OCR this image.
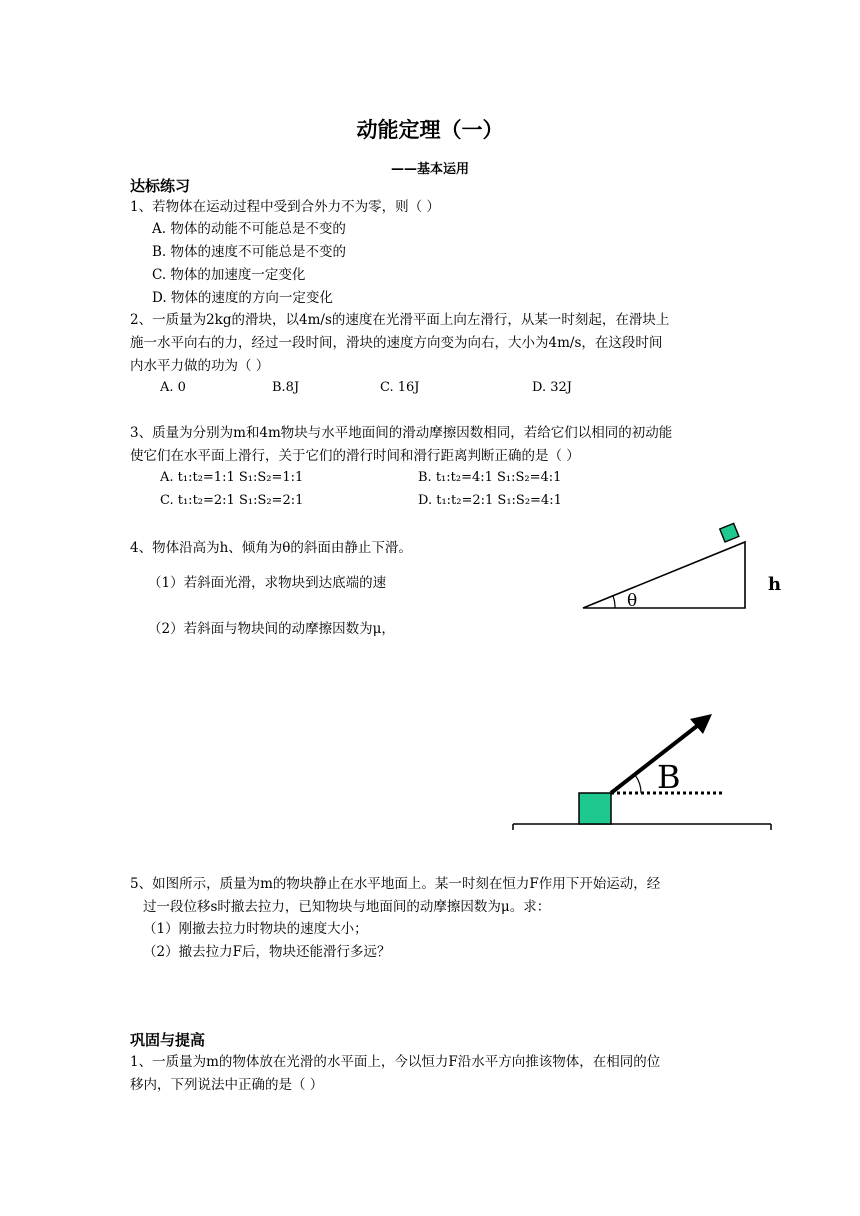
动能定理（一）
——基本运用
达标练习
1、若物体在运动过程中受到合外力不为零，则（ ）
A. 物体的动能不可能总是不变的
B. 物体的速度不可能总是不变的
C. 物体的加速度一定变化
D. 物体的速度的方向一定变化
2、一质量为2kg的滑块，以4m/s的速度在光滑平面上向左滑行，从某一时刻起，在滑块上
施一水平向右的力，经过一段时间，滑块的速度方向变为向右，大小为4m/s，在这段时间
内水平力做的功为（ ）
A. 0	B.8J	C. 16J	D. 32J
3、质量为分别为m和4m物块与水平地面间的滑动摩擦因数相同，若给它们以相同的初动能
使它们在水平面上滑行，关于它们的滑行时间和滑行距离判断正确的是（ ）
A. t₁:t₂=1:1 S₁:S₂=1:1	B. t₁:t₂=4:1 S₁:S₂=4:1
C. t₁:t₂=2:1 S₁:S₂=2:1	D. t₁:t₂=2:1 S₁:S₂=4:1
4、物体沿高为h、倾角为θ的斜面由静止下滑。
（1）若斜面光滑，求物块到达底端的速
（2）若斜面与物块间的动摩擦因数为μ，
θ
h
B
5、如图所示，质量为m的物块静止在水平地面上。某一时刻在恒力F作用下开始运动，经
过一段位移s时撤去拉力，已知物块与地面间的动摩擦因数为μ。求：
（1）刚撤去拉力时物块的速度大小；
（2）撤去拉力F后，物块还能滑行多远？
巩固与提高
1、一质量为m的物体放在光滑的水平面上，今以恒力F沿水平方向推该物体，在相同的位
移内，下列说法中正确的是（ ）
